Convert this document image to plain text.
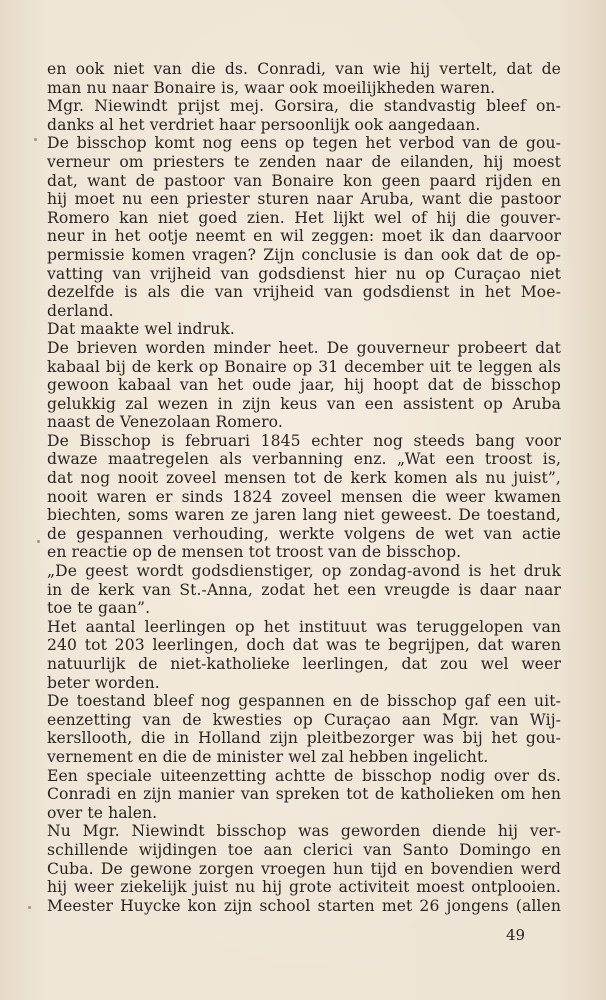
en ook niet van die ds. Conradi, van wie hij vertelt, dat de
man nu naar Bonaire is, waar ook moeilijkheden waren.
Mgr. Niewindt prijst mej. Gorsira, die standvastig bleef on-
danks al het verdriet haar persoonlijk ook aangedaan.
De bisschop komt nog eens op tegen het verbod van de gou-
verneur om priesters te zenden naar de eilanden, hij moest
dat, want de pastoor van Bonaire kon geen paard rijden en
hij moet nu een priester sturen naar Aruba, want die pastoor
Romero kan niet goed zien. Het lijkt wel of hij die gouver-
neur in het ootje neemt en wil zeggen: moet ik dan daarvoor
permissie komen vragen? Zijn conclusie is dan ook dat de op-
vatting van vrijheid van godsdienst hier nu op Curaçao niet
dezelfde is als die van vrijheid van godsdienst in het Moe-
derland.
Dat maakte wel indruk.
De brieven worden minder heet. De gouverneur probeert dat
kabaal bij de kerk op Bonaire op 31 december uit te leggen als
gewoon kabaal van het oude jaar, hij hoopt dat de bisschop
gelukkig zal wezen in zijn keus van een assistent op Aruba
naast de Venezolaan Romero.
De Bisschop is februari 1845 echter nog steeds bang voor
dwaze maatregelen als verbanning enz. „Wat een troost is,
dat nog nooit zoveel mensen tot de kerk komen als nu juist”,
nooit waren er sinds 1824 zoveel mensen die weer kwamen
biechten, soms waren ze jaren lang niet geweest. De toestand,
de gespannen verhouding, werkte volgens de wet van actie
en reactie op de mensen tot troost van de bisschop.
„De geest wordt godsdienstiger, op zondag-avond is het druk
in de kerk van St.-Anna, zodat het een vreugde is daar naar
toe te gaan”.
Het aantal leerlingen op het instituut was teruggelopen van
240 tot 203 leerlingen, doch dat was te begrijpen, dat waren
natuurlijk de niet-katholieke leerlingen, dat zou wel weer
beter worden.
De toestand bleef nog gespannen en de bisschop gaf een uit-
eenzetting van de kwesties op Curaçao aan Mgr. van Wij-
kersllooth, die in Holland zijn pleitbezorger was bij het gou-
vernement en die de minister wel zal hebben ingelicht.
Een speciale uiteenzetting achtte de bisschop nodig over ds.
Conradi en zijn manier van spreken tot de katholieken om hen
over te halen.
Nu Mgr. Niewindt bisschop was geworden diende hij ver-
schillende wijdingen toe aan clerici van Santo Domingo en
Cuba. De gewone zorgen vroegen hun tijd en bovendien werd
hij weer ziekelijk juist nu hij grote activiteit moest ontplooien.
Meester Huycke kon zijn school starten met 26 jongens (allen
49
